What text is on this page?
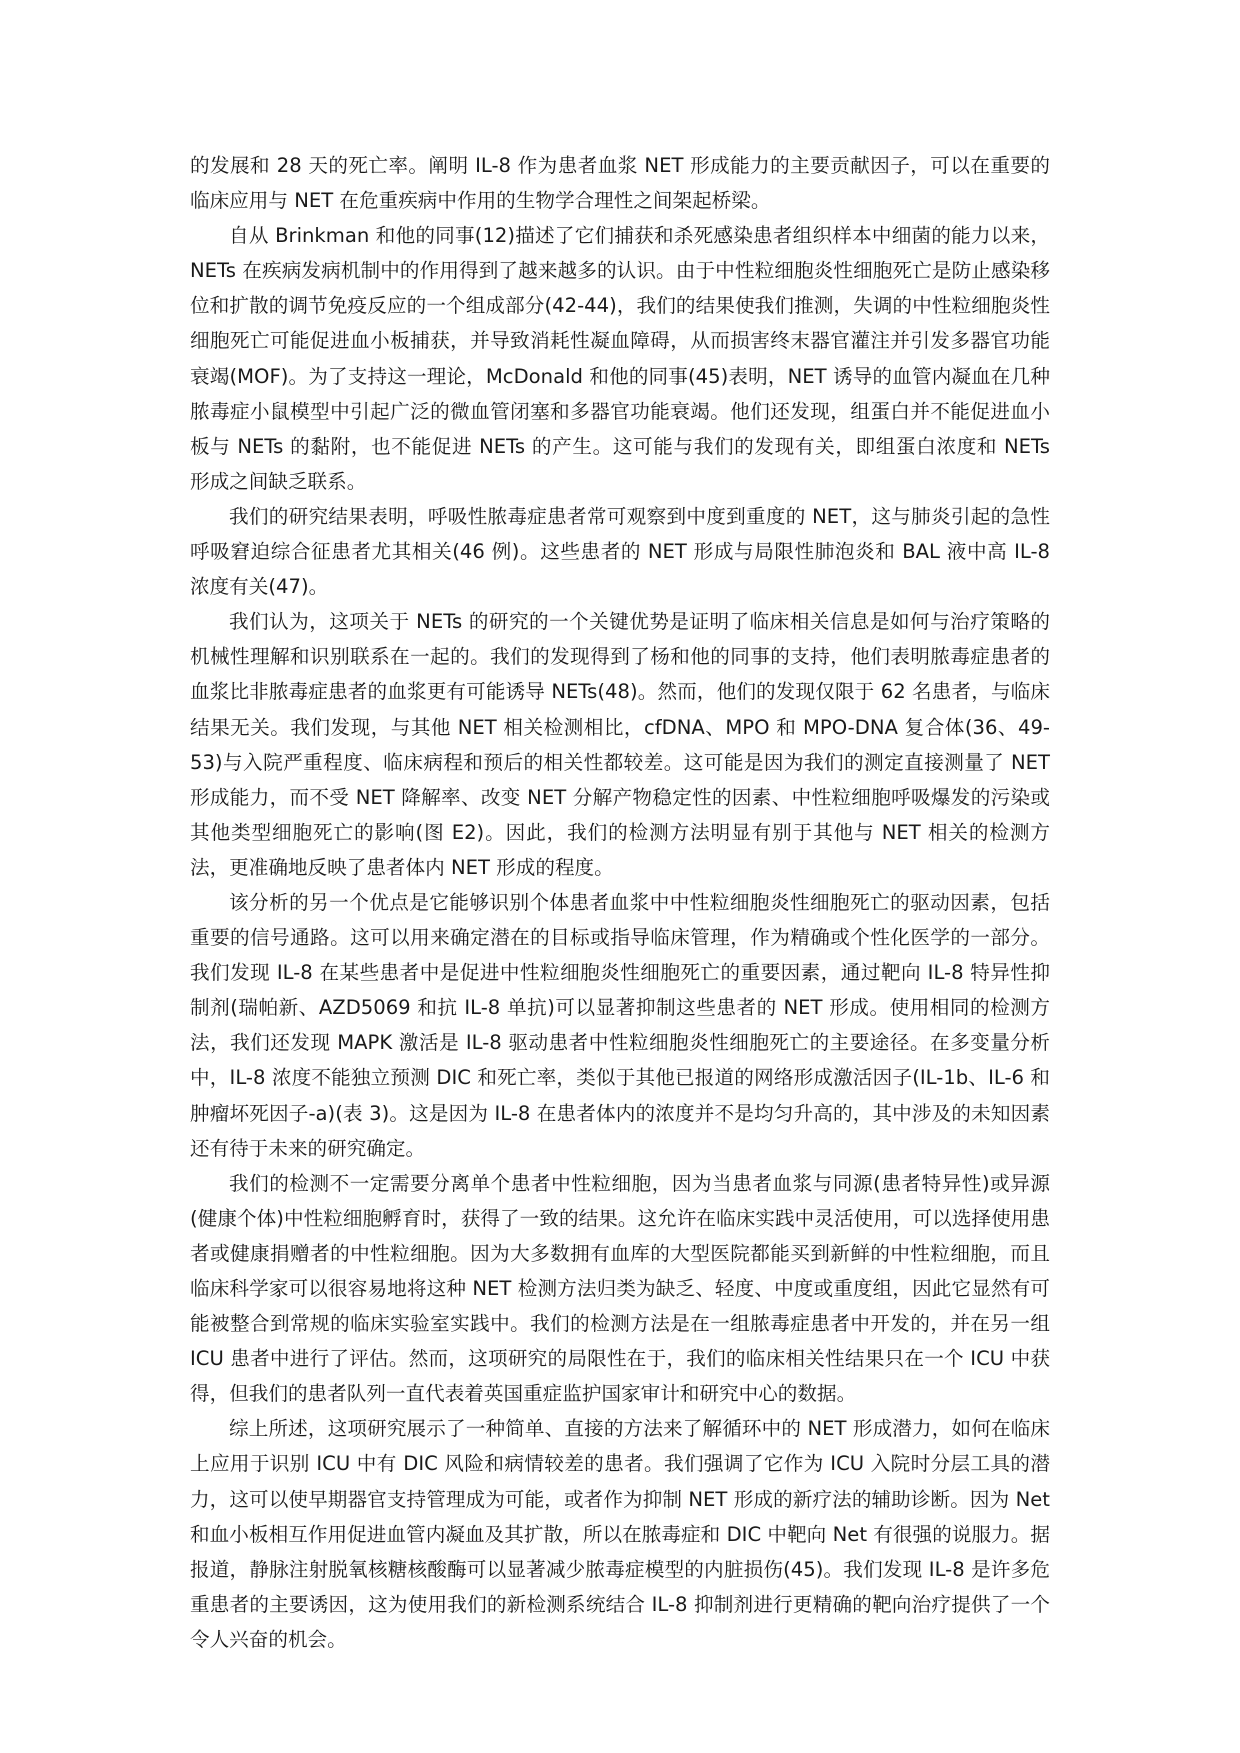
的发展和 28 天的死亡率。阐明 IL-8 作为患者血浆 NET 形成能力的主要贡献因子，可以在重要的临床应用与 NET 在危重疾病中作用的生物学合理性之间架起桥梁。

自从 Brinkman 和他的同事(12)描述了它们捕获和杀死感染患者组织样本中细菌的能力以来，NETs 在疾病发病机制中的作用得到了越来越多的认识。由于中性粒细胞炎性细胞死亡是防止感染移位和扩散的调节免疫反应的一个组成部分(42-44)，我们的结果使我们推测，失调的中性粒细胞炎性细胞死亡可能促进血小板捕获，并导致消耗性凝血障碍，从而损害终末器官灌注并引发多器官功能衰竭(MOF)。为了支持这一理论，McDonald 和他的同事(45)表明，NET 诱导的血管内凝血在几种脓毒症小鼠模型中引起广泛的微血管闭塞和多器官功能衰竭。他们还发现，组蛋白并不能促进血小板与 NETs 的黏附，也不能促进 NETs 的产生。这可能与我们的发现有关，即组蛋白浓度和 NETs 形成之间缺乏联系。

我们的研究结果表明，呼吸性脓毒症患者常可观察到中度到重度的 NET，这与肺炎引起的急性呼吸窘迫综合征患者尤其相关(46 例)。这些患者的 NET 形成与局限性肺泡炎和 BAL 液中高 IL-8 浓度有关(47)。

我们认为，这项关于 NETs 的研究的一个关键优势是证明了临床相关信息是如何与治疗策略的机械性理解和识别联系在一起的。我们的发现得到了杨和他的同事的支持，他们表明脓毒症患者的血浆比非脓毒症患者的血浆更有可能诱导 NETs(48)。然而，他们的发现仅限于 62 名患者，与临床结果无关。我们发现，与其他 NET 相关检测相比，cfDNA、MPO 和 MPO-DNA 复合体(36、49-53)与入院严重程度、临床病程和预后的相关性都较差。这可能是因为我们的测定直接测量了 NET 形成能力，而不受 NET 降解率、改变 NET 分解产物稳定性的因素、中性粒细胞呼吸爆发的污染或其他类型细胞死亡的影响(图 E2)。因此，我们的检测方法明显有别于其他与 NET 相关的检测方法，更准确地反映了患者体内 NET 形成的程度。

该分析的另一个优点是它能够识别个体患者血浆中中性粒细胞炎性细胞死亡的驱动因素，包括重要的信号通路。这可以用来确定潜在的目标或指导临床管理，作为精确或个性化医学的一部分。我们发现 IL-8 在某些患者中是促进中性粒细胞炎性细胞死亡的重要因素，通过靶向 IL-8 特异性抑制剂(瑞帕新、AZD5069 和抗 IL-8 单抗)可以显著抑制这些患者的 NET 形成。使用相同的检测方法，我们还发现 MAPK 激活是 IL-8 驱动患者中性粒细胞炎性细胞死亡的主要途径。在多变量分析中，IL-8 浓度不能独立预测 DIC 和死亡率，类似于其他已报道的网络形成激活因子(IL-1b、IL-6 和肿瘤坏死因子-a)(表 3)。这是因为 IL-8 在患者体内的浓度并不是均匀升高的，其中涉及的未知因素还有待于未来的研究确定。

我们的检测不一定需要分离单个患者中性粒细胞，因为当患者血浆与同源(患者特异性)或异源(健康个体)中性粒细胞孵育时，获得了一致的结果。这允许在临床实践中灵活使用，可以选择使用患者或健康捐赠者的中性粒细胞。因为大多数拥有血库的大型医院都能买到新鲜的中性粒细胞，而且临床科学家可以很容易地将这种 NET 检测方法归类为缺乏、轻度、中度或重度组，因此它显然有可能被整合到常规的临床实验室实践中。我们的检测方法是在一组脓毒症患者中开发的，并在另一组 ICU 患者中进行了评估。然而，这项研究的局限性在于，我们的临床相关性结果只在一个 ICU 中获得，但我们的患者队列一直代表着英国重症监护国家审计和研究中心的数据。

综上所述，这项研究展示了一种简单、直接的方法来了解循环中的 NET 形成潜力，如何在临床上应用于识别 ICU 中有 DIC 风险和病情较差的患者。我们强调了它作为 ICU 入院时分层工具的潜力，这可以使早期器官支持管理成为可能，或者作为抑制 NET 形成的新疗法的辅助诊断。因为 Net 和血小板相互作用促进血管内凝血及其扩散，所以在脓毒症和 DIC 中靶向 Net 有很强的说服力。据报道，静脉注射脱氧核糖核酸酶可以显著减少脓毒症模型的内脏损伤(45)。我们发现 IL-8 是许多危重患者的主要诱因，这为使用我们的新检测系统结合 IL-8 抑制剂进行更精确的靶向治疗提供了一个令人兴奋的机会。
